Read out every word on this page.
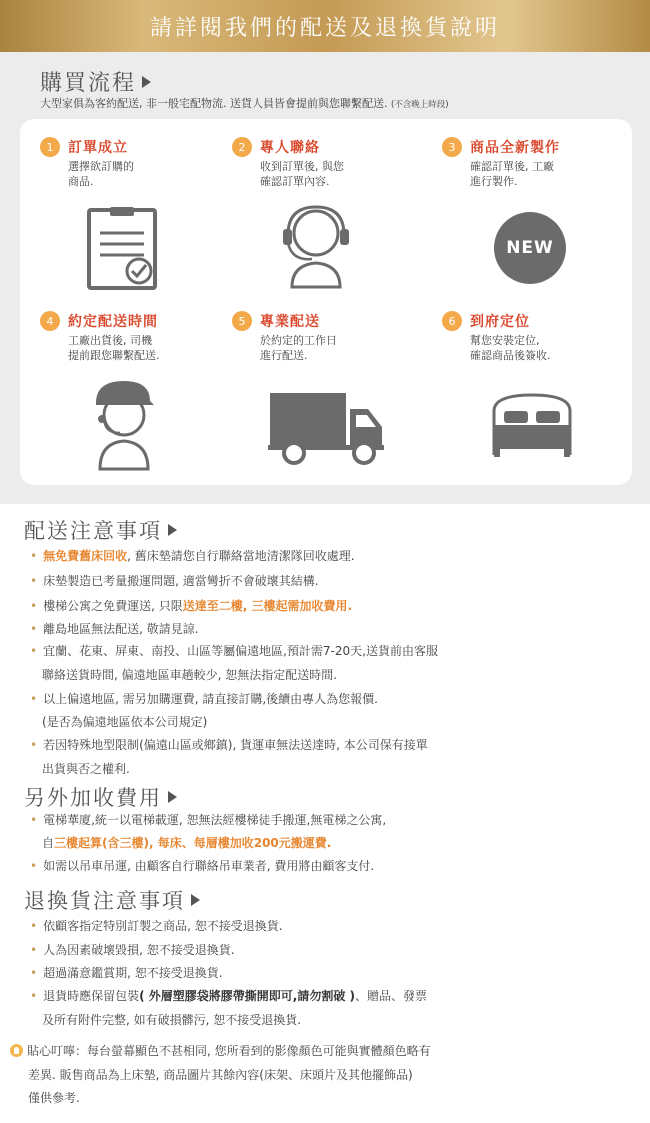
請詳閱我們的配送及退換貨說明
購買流程
大型家俱為客約配送, 非一般宅配物流. 送貨人員皆會提前與您聯繫配送. (不含晚上時段)
1	訂單成立
選擇欲訂購的
商品.
2	專人聯絡
收到訂單後, 與您
確認訂單內容.
3	商品全新製作
確認訂單後, 工廠
進行製作.
NEW
4	約定配送時間
工廠出貨後, 司機
提前跟您聯繫配送.
5	專業配送
於約定的工作日
進行配送.
6	到府定位
幫您安裝定位,
確認商品後簽收.
配送注意事項
• 無免費舊床回收, 舊床墊請您自行聯絡當地清潔隊回收處理.
• 床墊製造已考量搬運問題, 適當彎折不會破壞其結構.
• 樓梯公寓之免費運送, 只限送達至二樓, 三樓起需加收費用.
• 離島地區無法配送, 敬請見諒.
• 宜蘭、花東、屏東、南投、山區等屬偏遠地區,預計需7-20天,送貨前由客服
聯絡送貨時間, 偏遠地區車趟較少, 恕無法指定配送時間.
• 以上偏遠地區, 需另加購運費, 請直接訂購,後續由專人為您報價.
(是否為偏遠地區依本公司規定)
• 若因特殊地型限制(偏遠山區或鄉鎮), 貨運車無法送達時, 本公司保有接單
出貨與否之權利.
另外加收費用
• 電梯華廈,統一以電梯載運, 恕無法經樓梯徒手搬運,無電梯之公寓,
自三樓起算(含三樓), 每床、每層樓加收200元搬運費.
• 如需以吊車吊運, 由顧客自行聯絡吊車業者, 費用將由顧客支付.
退換貨注意事項
• 依顧客指定特別訂製之商品, 恕不接受退換貨.
• 人為因素破壞毀損, 恕不接受退換貨.
• 超過滿意鑑賞期, 恕不接受退換貨.
• 退貨時應保留包裝( 外層塑膠袋將膠帶撕開即可,請勿割破 )、贈品、發票
及所有附件完整, 如有破損髒污, 恕不接受退換貨.
貼心叮嚀：每台螢幕顯色不甚相同, 您所看到的影像顏色可能與實體顏色略有
差異. 販售商品為上床墊, 商品圖片其餘內容(床架、床頭片及其他擺飾品)
僅供參考.
